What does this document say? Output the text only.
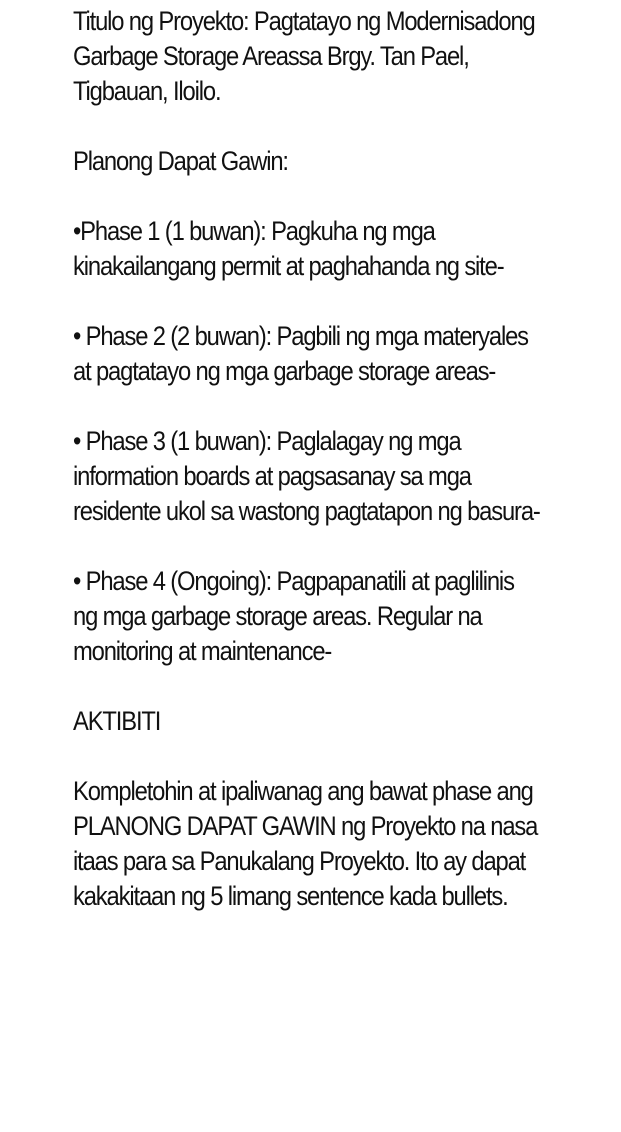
Titulo ng Proyekto: Pagtatayo ng Modernisadong Garbage Storage Areassa Brgy. Tan Pael, Tigbauan, Iloilo.

Planong Dapat Gawin:

•Phase 1 (1 buwan): Pagkuha ng mga kinakailangang permit at paghahanda ng site-

• Phase 2 (2 buwan): Pagbili ng mga materyales at pagtatayo ng mga garbage storage areas-

• Phase 3 (1 buwan): Paglalagay ng mga information boards at pagsasanay sa mga residente ukol sa wastong pagtatapon ng basura-

• Phase 4 (Ongoing): Pagpapanatili at paglilinis ng mga garbage storage areas. Regular na monitoring at maintenance-

AKTIBITI

Kompletohin at ipaliwanag ang bawat phase ang PLANONG DAPAT GAWIN ng Proyekto na nasa itaas para sa Panukalang Proyekto. Ito ay dapat kakakitaan ng 5 limang sentence kada bullets.
